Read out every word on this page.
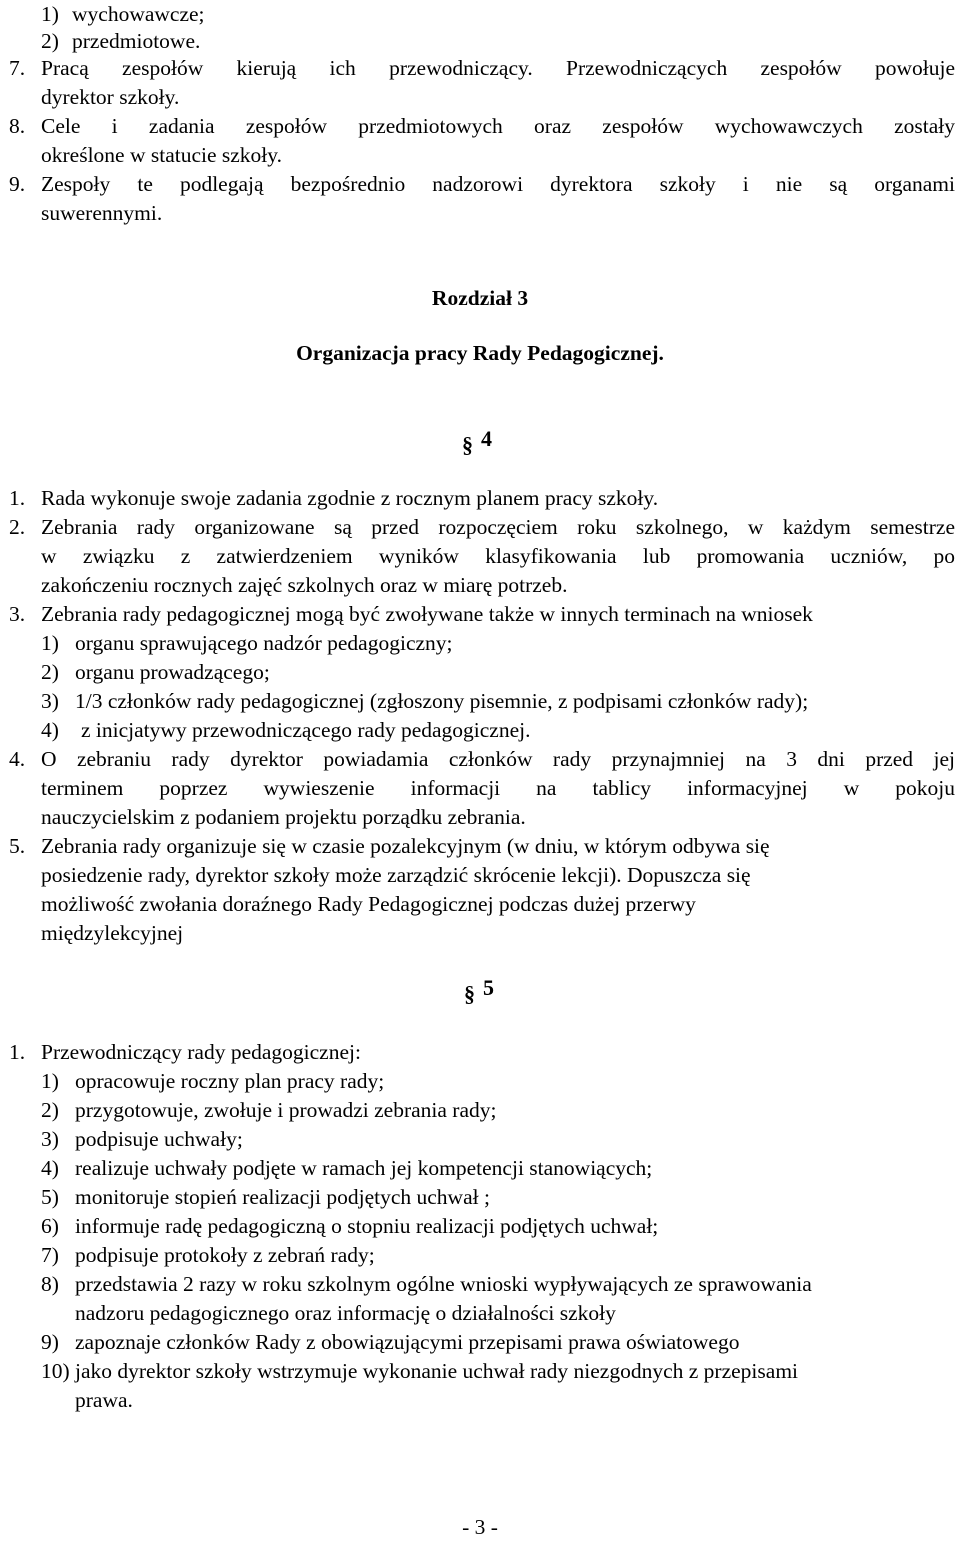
1) wychowawcze;
2) przedmiotowe.
7. Pracą zespołów kierują ich przewodniczący. Przewodniczących zespołów powołuje
dyrektor szkoły.
8. Cele i zadania zespołów przedmiotowych oraz zespołów wychowawczych zostały
określone w statucie szkoły.
9. Zespoły te podlegają bezpośrednio nadzorowi dyrektora szkoły i nie są organami
suwerennymi.
Rozdział 3
Organizacja pracy Rady Pedagogicznej.
§ 4
1. Rada wykonuje swoje zadania zgodnie z rocznym planem pracy szkoły.
2. Zebrania rady organizowane są przed rozpoczęciem roku szkolnego, w każdym semestrze
w związku z zatwierdzeniem wyników klasyfikowania lub promowania uczniów, po
zakończeniu rocznych zajęć szkolnych oraz w miarę potrzeb.
3. Zebrania rady pedagogicznej mogą być zwoływane także w innych terminach na wniosek
1) organu sprawującego nadzór pedagogiczny;
2) organu prowadzącego;
3) 1/3 członków rady pedagogicznej (zgłoszony pisemnie, z podpisami członków rady);
4) z inicjatywy przewodniczącego rady pedagogicznej.
4. O zebraniu rady dyrektor powiadamia członków rady przynajmniej na 3 dni przed jej
terminem poprzez wywieszenie informacji na tablicy informacyjnej w pokoju
nauczycielskim z podaniem projektu porządku zebrania.
5. Zebrania rady organizuje się w czasie pozalekcyjnym (w dniu, w którym odbywa się
posiedzenie rady, dyrektor szkoły może zarządzić skrócenie lekcji). Dopuszcza się
możliwość zwołania doraźnego Rady Pedagogicznej podczas dużej przerwy
międzylekcyjnej
§ 5
1. Przewodniczący rady pedagogicznej:
1) opracowuje roczny plan pracy rady;
2) przygotowuje, zwołuje i prowadzi zebrania rady;
3) podpisuje uchwały;
4) realizuje uchwały podjęte w ramach jej kompetencji stanowiących;
5) monitoruje stopień realizacji podjętych uchwał ;
6) informuje radę pedagogiczną o stopniu realizacji podjętych uchwał;
7) podpisuje protokoły z zebrań rady;
8) przedstawia 2 razy w roku szkolnym ogólne wnioski wypływających ze sprawowania
nadzoru pedagogicznego oraz informację o działalności szkoły
9) zapoznaje członków Rady z obowiązującymi przepisami prawa oświatowego
10) jako dyrektor szkoły wstrzymuje wykonanie uchwał rady niezgodnych z przepisami
prawa.
- 3 -
